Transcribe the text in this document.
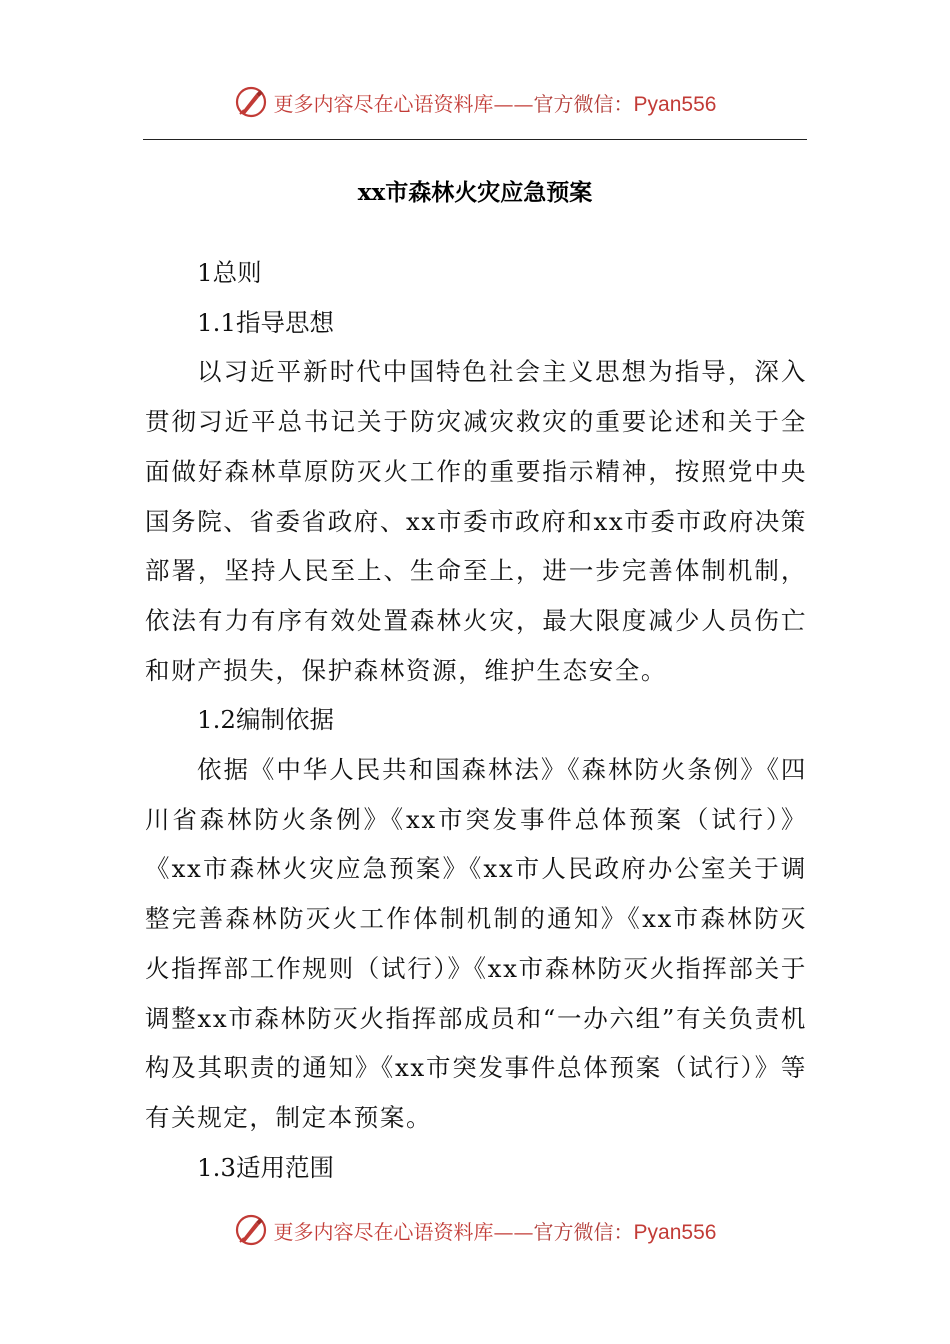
更多内容尽在心语资料库——官方微信：Pyan556
xx市森林火灾应急预案

1总则

1.1指导思想

以习近平新时代中国特色社会主义思想为指导，深入贯彻习近平总书记关于防灾减灾救灾的重要论述和关于全面做好森林草原防灭火工作的重要指示精神，按照党中央国务院、省委省政府、xx市委市政府和xx市委市政府决策部署，坚持人民至上、生命至上，进一步完善体制机制，依法有力有序有效处置森林火灾，最大限度减少人员伤亡和财产损失，保护森林资源，维护生态安全。

1.2编制依据

依据《中华人民共和国森林法》《森林防火条例》《四川省森林防火条例》《xx市突发事件总体预案（试行）》《xx市森林火灾应急预案》《xx市人民政府办公室关于调整完善森林防灭火工作体制机制的通知》《xx市森林防灭火指挥部工作规则（试行）》《xx市森林防灭火指挥部关于调整xx市森林防灭火指挥部成员和“一办六组”有关负责机构及其职责的通知》《xx市突发事件总体预案（试行）》等有关规定，制定本预案。

1.3适用范围

更多内容尽在心语资料库——官方微信：Pyan556
